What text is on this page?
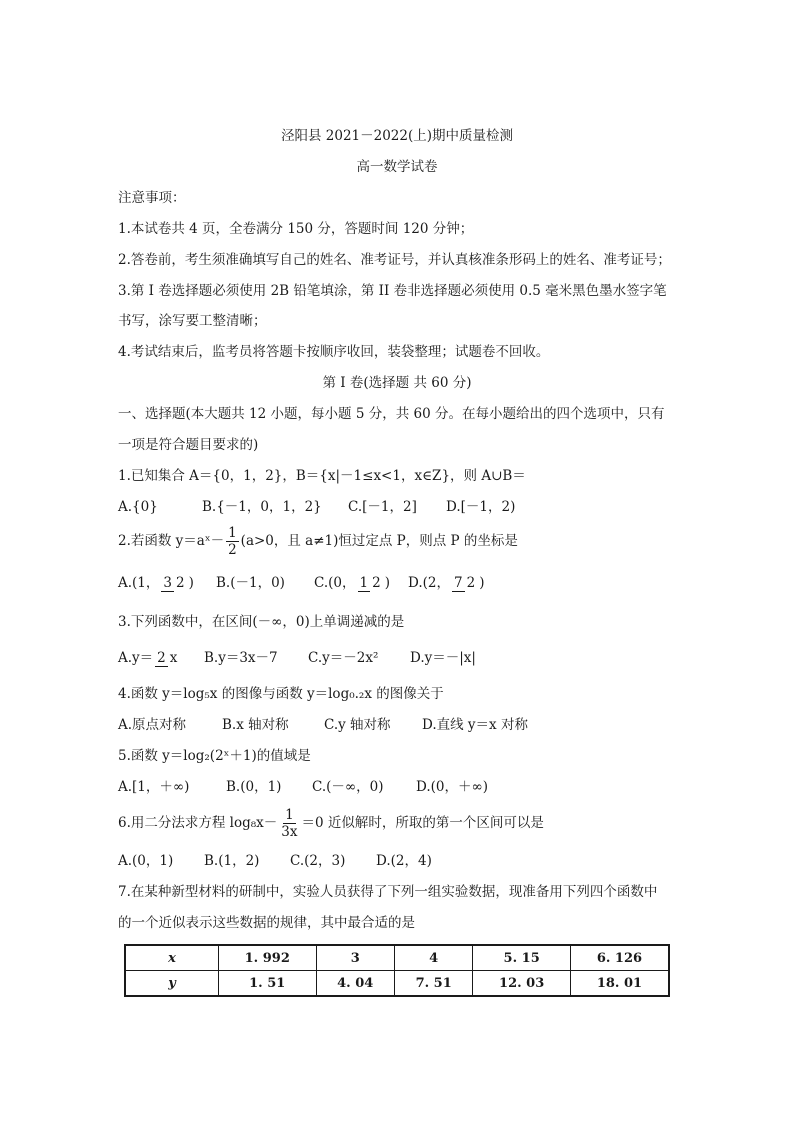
泾阳县 2021－2022(上)期中质量检测
高一数学试卷
注意事项：
1.本试卷共 4 页，全卷满分 150 分，答题时间 120 分钟；
2.答卷前，考生须准确填写自己的姓名、准考证号，并认真核准条形码上的姓名、准考证号；
3.第 I 卷选择题必须使用 2B 铅笔填涂，第 II 卷非选择题必须使用 0.5 毫米黑色墨水签字笔
书写，涂写要工整清晰；
4.考试结束后，监考员将答题卡按顺序收回，装袋整理；试题卷不回收。
第 I 卷(选择题 共 60 分)
一、选择题(本大题共 12 小题，每小题 5 分，共 60 分。在每小题给出的四个选项中，只有
一项是符合题目要求的)
1.已知集合 A＝{0，1，2}，B＝{x|－1≤x<1，x∈Z}，则 A∪B＝
A.{0}	B.{－1，0，1，2}	C.[－1，2]	D.[－1，2)
2.若函数 y＝aˣ－ $\frac{1}{2} (a>0$，且 a≠1)恒过定点 P，则点 P 的坐标是
A.(1， 3 2 )	B.(－1，0)	C.(0， 1 2 )	D.(2， 7 2 )
3.下列函数中，在区间(－∞，0)上单调递减的是
A.y＝ 2 x	B.y＝3x－7	C.y＝－2x²	D.y＝－|x|
4.函数 y＝log₅x 的图像与函数 y＝log₀.₂x 的图像关于
A.原点对称	B.x 轴对称	C.y 轴对称	D.直线 y＝x 对称
5.函数 y＝log₂(2ˣ＋1)的值域是
A.[1，＋∞)	B.(0，1)	C.(－∞，0)	D.(0，＋∞)
6.用二分法求方程 $\log_8x- \frac{1}{3x} =0$ 近似解时，所取的第一个区间可以是
A.(0，1)	B.(1，2)	C.(2，3)	D.(2，4)
7.在某种新型材料的研制中，实验人员获得了下列一组实验数据，现准备用下列四个函数中
的一个近似表示这些数据的规律，其中最合适的是
x	1. 992	3	4	5. 15	6. 126
y	1. 51	4. 04	7. 51	12. 03	18. 01
